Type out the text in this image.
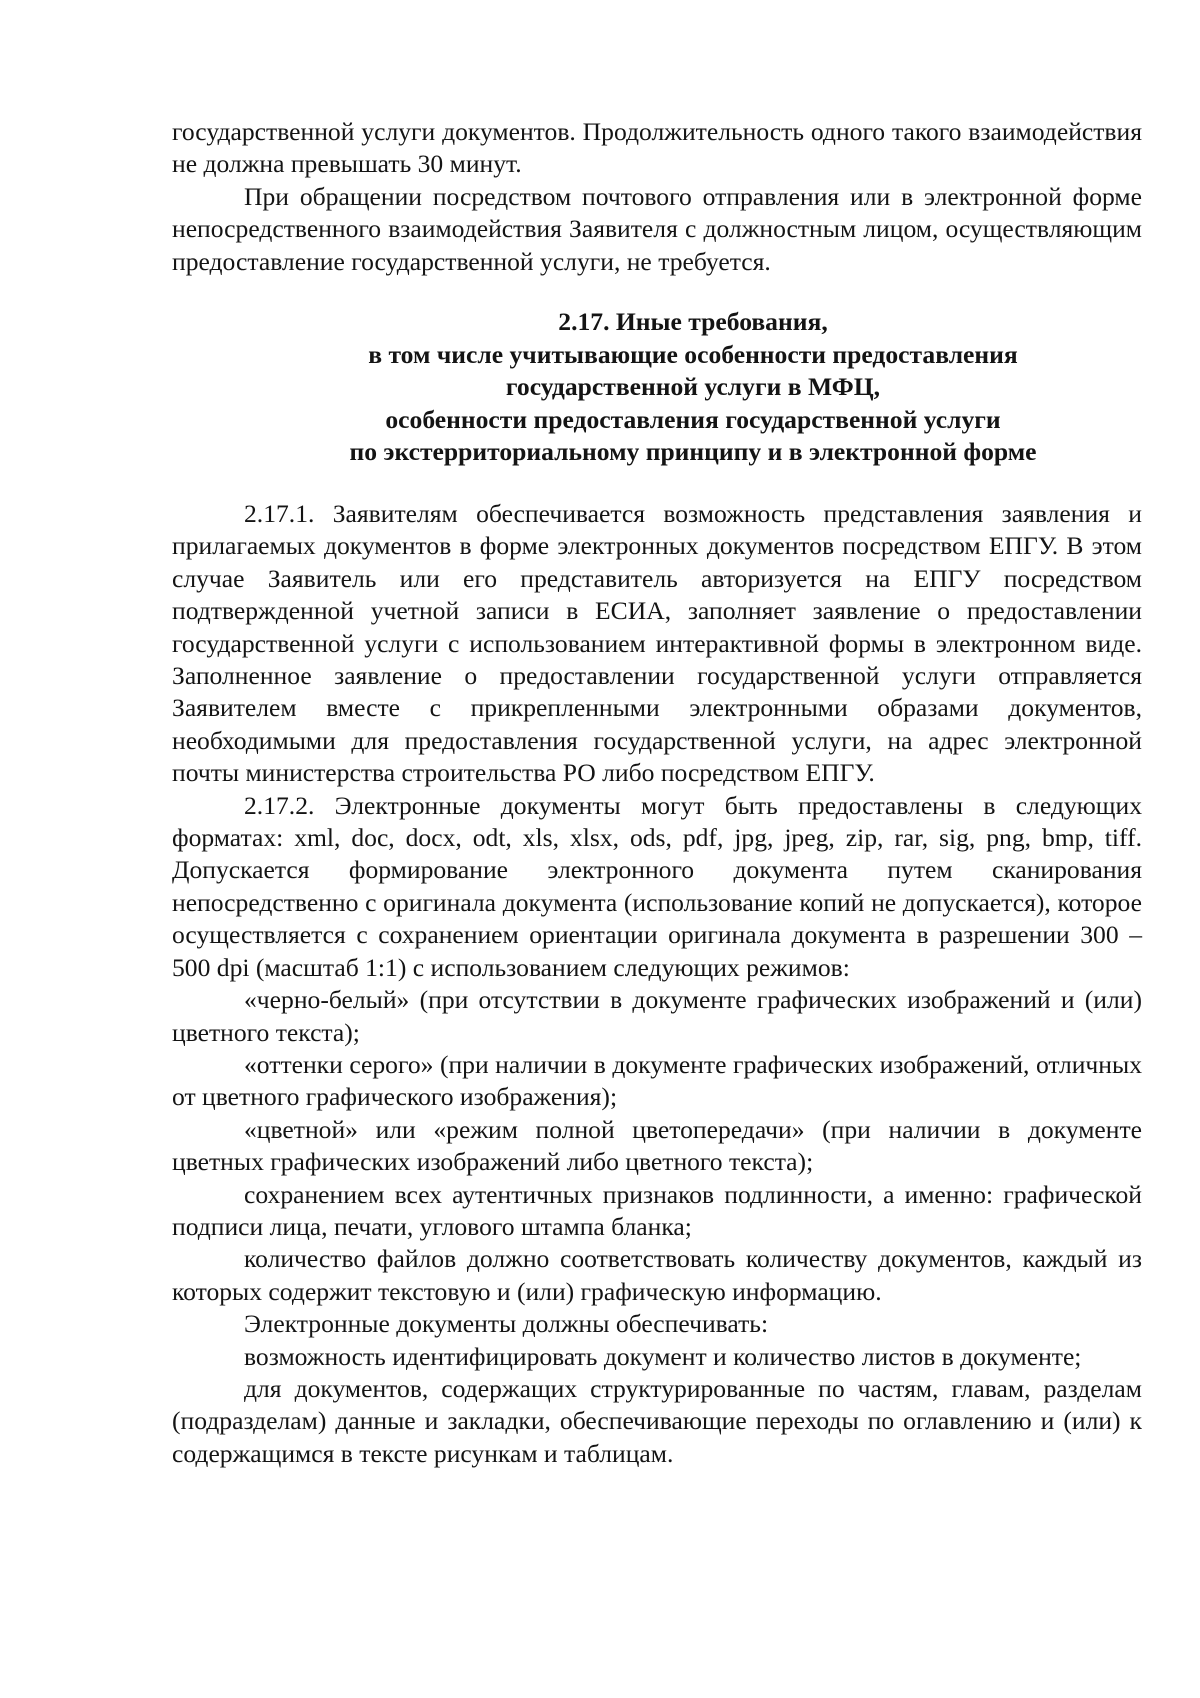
государственной услуги документов. Продолжительность одного такого взаимодействия не должна превышать 30 минут.

При обращении посредством почтового отправления или в электронной форме непосредственного взаимодействия Заявителя с должностным лицом, осуществляющим предоставление государственной услуги, не требуется.

2.17. Иные требования,
в том числе учитывающие особенности предоставления
государственной услуги в МФЦ,
особенности предоставления государственной услуги
по экстерриториальному принципу и в электронной форме

2.17.1. Заявителям обеспечивается возможность представления заявления и прилагаемых документов в форме электронных документов посредством ЕПГУ. В этом случае Заявитель или его представитель авторизуется на ЕПГУ посредством подтвержденной учетной записи в ЕСИА, заполняет заявление о предоставлении государственной услуги с использованием интерактивной формы в электронном виде. Заполненное заявление о предоставлении государственной услуги отправляется Заявителем вместе с прикрепленными электронными образами документов, необходимыми для предоставления государственной услуги, на адрес электронной почты министерства строительства РО либо посредством ЕПГУ.

2.17.2. Электронные документы могут быть предоставлены в следующих форматах: xml, doc, docx, odt, xls, xlsx, ods, pdf, jpg, jpeg, zip, rar, sig, png, bmp, tiff. Допускается формирование электронного документа путем сканирования непосредственно с оригинала документа (использование копий не допускается), которое осуществляется с сохранением ориентации оригинала документа в разрешении 300 – 500 dpi (масштаб 1:1) с использованием следующих режимов:

«черно-белый» (при отсутствии в документе графических изображений и (или) цветного текста);

«оттенки серого» (при наличии в документе графических изображений, отличных от цветного графического изображения);

«цветной» или «режим полной цветопередачи» (при наличии в документе цветных графических изображений либо цветного текста);

сохранением всех аутентичных признаков подлинности, а именно: графической подписи лица, печати, углового штампа бланка;

количество файлов должно соответствовать количеству документов, каждый из которых содержит текстовую и (или) графическую информацию.

Электронные документы должны обеспечивать:

возможность идентифицировать документ и количество листов в документе;

для документов, содержащих структурированные по частям, главам, разделам (подразделам) данные и закладки, обеспечивающие переходы по оглавлению и (или) к содержащимся в тексте рисункам и таблицам.
